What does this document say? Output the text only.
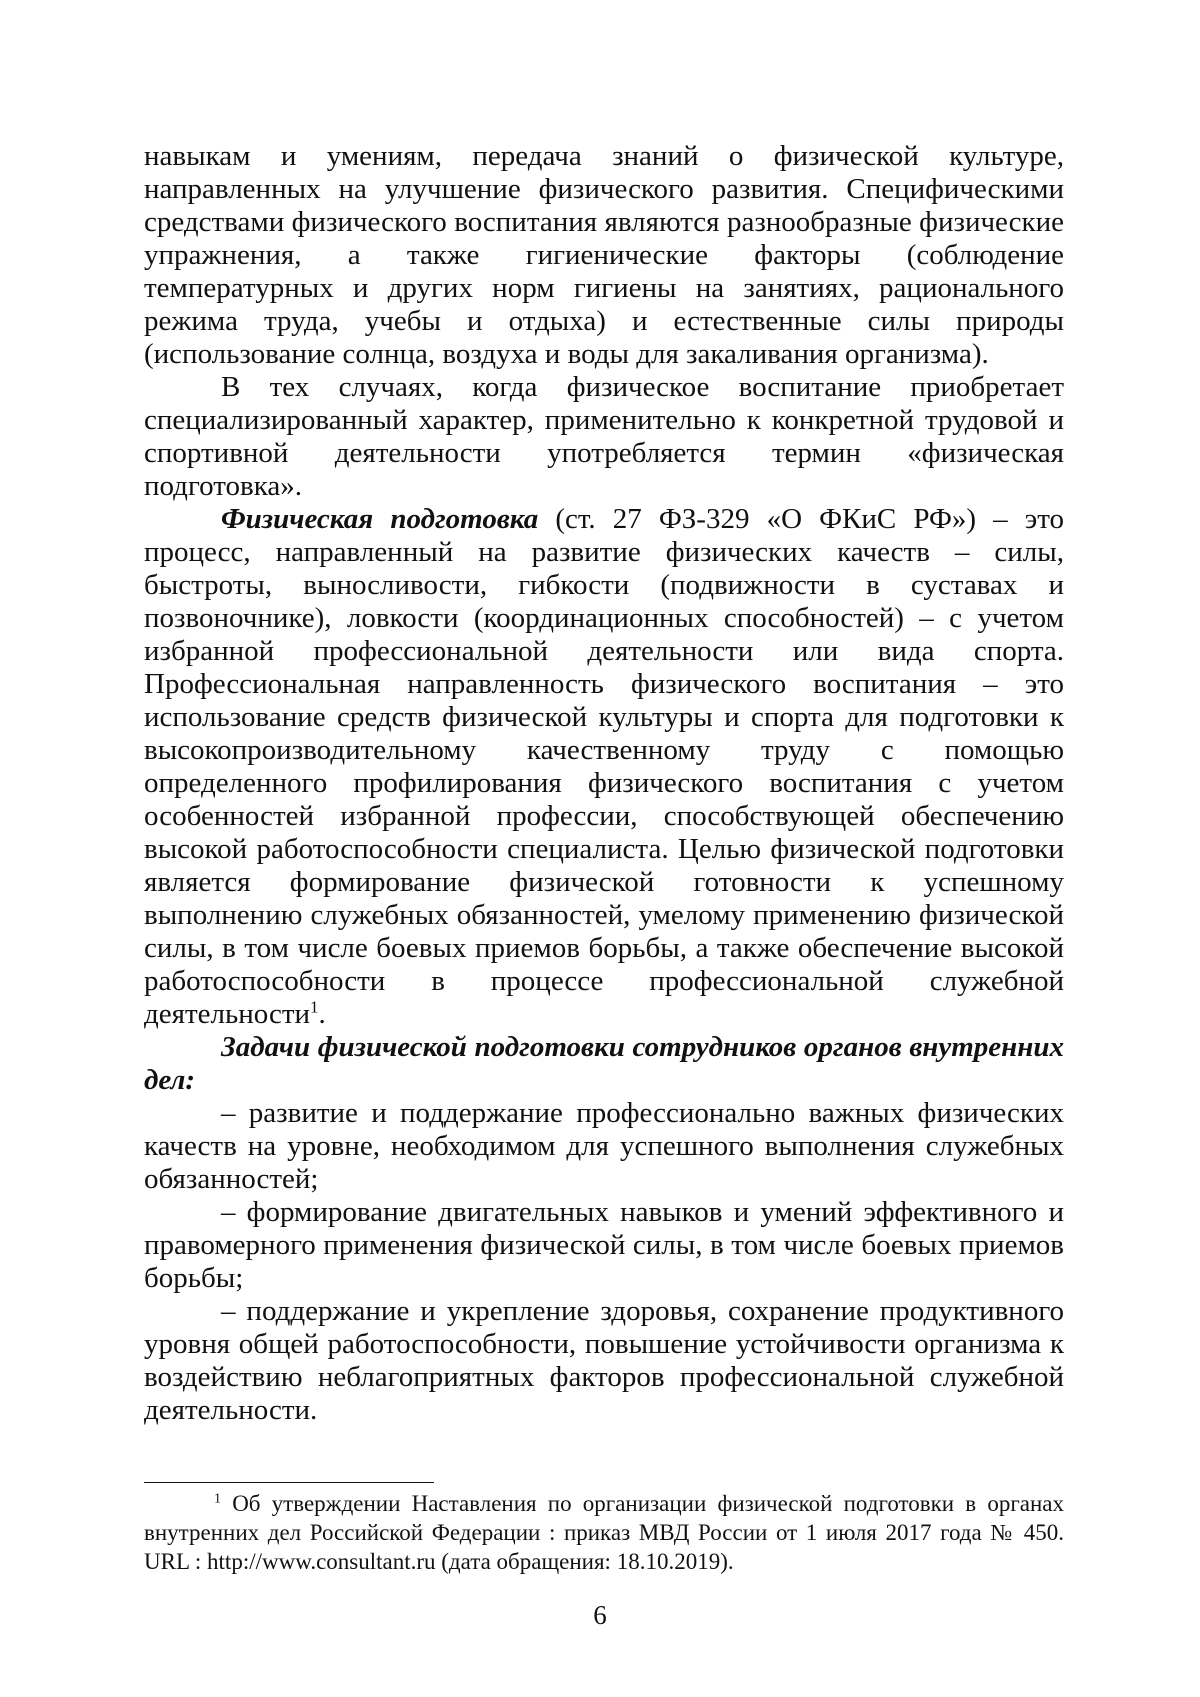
навыкам и умениям, передача знаний о физической культуре, направленных на улучшение физического развития. Специфическими средствами физического воспитания являются разнообразные физические упражнения, а также гигиенические факторы (соблюдение температурных и других норм гигиены на занятиях, рационального режима труда, учебы и отдыха) и естественные силы природы (использование солнца, воздуха и воды для закаливания организма).

В тех случаях, когда физическое воспитание приобретает специализированный характер, применительно к конкретной трудовой и спортивной деятельности употребляется термин «физическая подготовка».

Физическая подготовка (ст. 27 ФЗ-329 «О ФКиС РФ») – это процесс, направленный на развитие физических качеств – силы, быстроты, выносливости, гибкости (подвижности в суставах и позвоночнике), ловкости (координационных способностей) – с учетом избранной профессиональной деятельности или вида спорта. Профессиональная направленность физического воспитания – это использование средств физической культуры и спорта для подготовки к высокопроизводительному качественному труду с помощью определенного профилирования физического воспитания с учетом особенностей избранной профессии, способствующей обеспечению высокой работоспособности специалиста. Целью физической подготовки является формирование физической готовности к успешному выполнению служебных обязанностей, умелому применению физической силы, в том числе боевых приемов борьбы, а также обеспечение высокой работоспособности в процессе профессиональной служебной деятельности$^1$.

Задачи физической подготовки сотрудников органов внутренних дел:

– развитие и поддержание профессионально важных физических качеств на уровне, необходимом для успешного выполнения служебных обязанностей;

– формирование двигательных навыков и умений эффективного и правомерного применения физической силы, в том числе боевых приемов борьбы;

– поддержание и укрепление здоровья, сохранение продуктивного уровня общей работоспособности, повышение устойчивости организма к воздействию неблагоприятных факторов профессиональной служебной деятельности.

$^1$ Об утверждении Наставления по организации физической подготовки в органах внутренних дел Российской Федерации : приказ МВД России от 1 июля 2017 года № 450. URL : http://www.consultant.ru (дата обращения: 18.10.2019).

6
